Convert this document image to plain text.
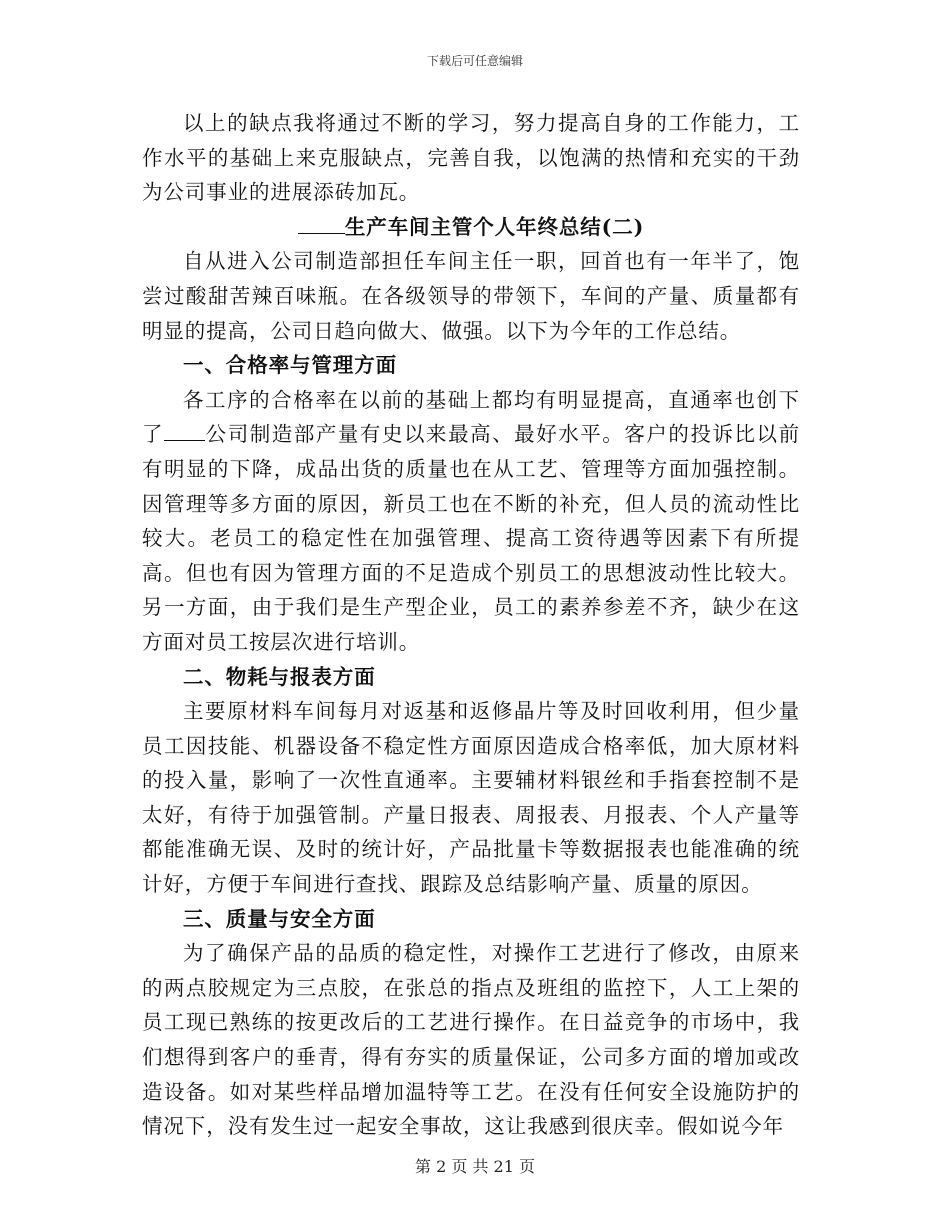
下载后可任意编辑

以上的缺点我将通过不断的学习，努力提高自身的工作能力，工作水平的基础上来克服缺点，完善自我，以饱满的热情和充实的干劲为公司事业的进展添砖加瓦。

生产车间主管个人年终总结(二)

自从进入公司制造部担任车间主任一职，回首也有一年半了，饱尝过酸甜苦辣百味瓶。在各级领导的带领下，车间的产量、质量都有明显的提高，公司日趋向做大、做强。以下为今年的工作总结。

一、合格率与管理方面

各工序的合格率在以前的基础上都均有明显提高，直通率也创下了 公司制造部产量有史以来最高、最好水平。客户的投诉比以前有明显的下降，成品出货的质量也在从工艺、管理等方面加强控制。因管理等多方面的原因，新员工也在不断的补充，但人员的流动性比较大。老员工的稳定性在加强管理、提高工资待遇等因素下有所提高。但也有因为管理方面的不足造成个别员工的思想波动性比较大。另一方面，由于我们是生产型企业，员工的素养参差不齐，缺少在这方面对员工按层次进行培训。

二、物耗与报表方面

主要原材料车间每月对返基和返修晶片等及时回收利用，但少量员工因技能、机器设备不稳定性方面原因造成合格率低，加大原材料的投入量，影响了一次性直通率。主要辅材料银丝和手指套控制不是太好，有待于加强管制。产量日报表、周报表、月报表、个人产量等都能准确无误、及时的统计好，产品批量卡等数据报表也能准确的统计好，方便于车间进行查找、跟踪及总结影响产量、质量的原因。

三、质量与安全方面

为了确保产品的品质的稳定性，对操作工艺进行了修改，由原来的两点胶规定为三点胶，在张总的指点及班组的监控下，人工上架的员工现已熟练的按更改后的工艺进行操作。在日益竞争的市场中，我们想得到客户的垂青，得有夯实的质量保证，公司多方面的增加或改造设备。如对某些样品增加温特等工艺。在没有任何安全设施防护的情况下，没有发生过一起安全事故，这让我感到很庆幸。假如说今年

第 2 页 共 21 页
